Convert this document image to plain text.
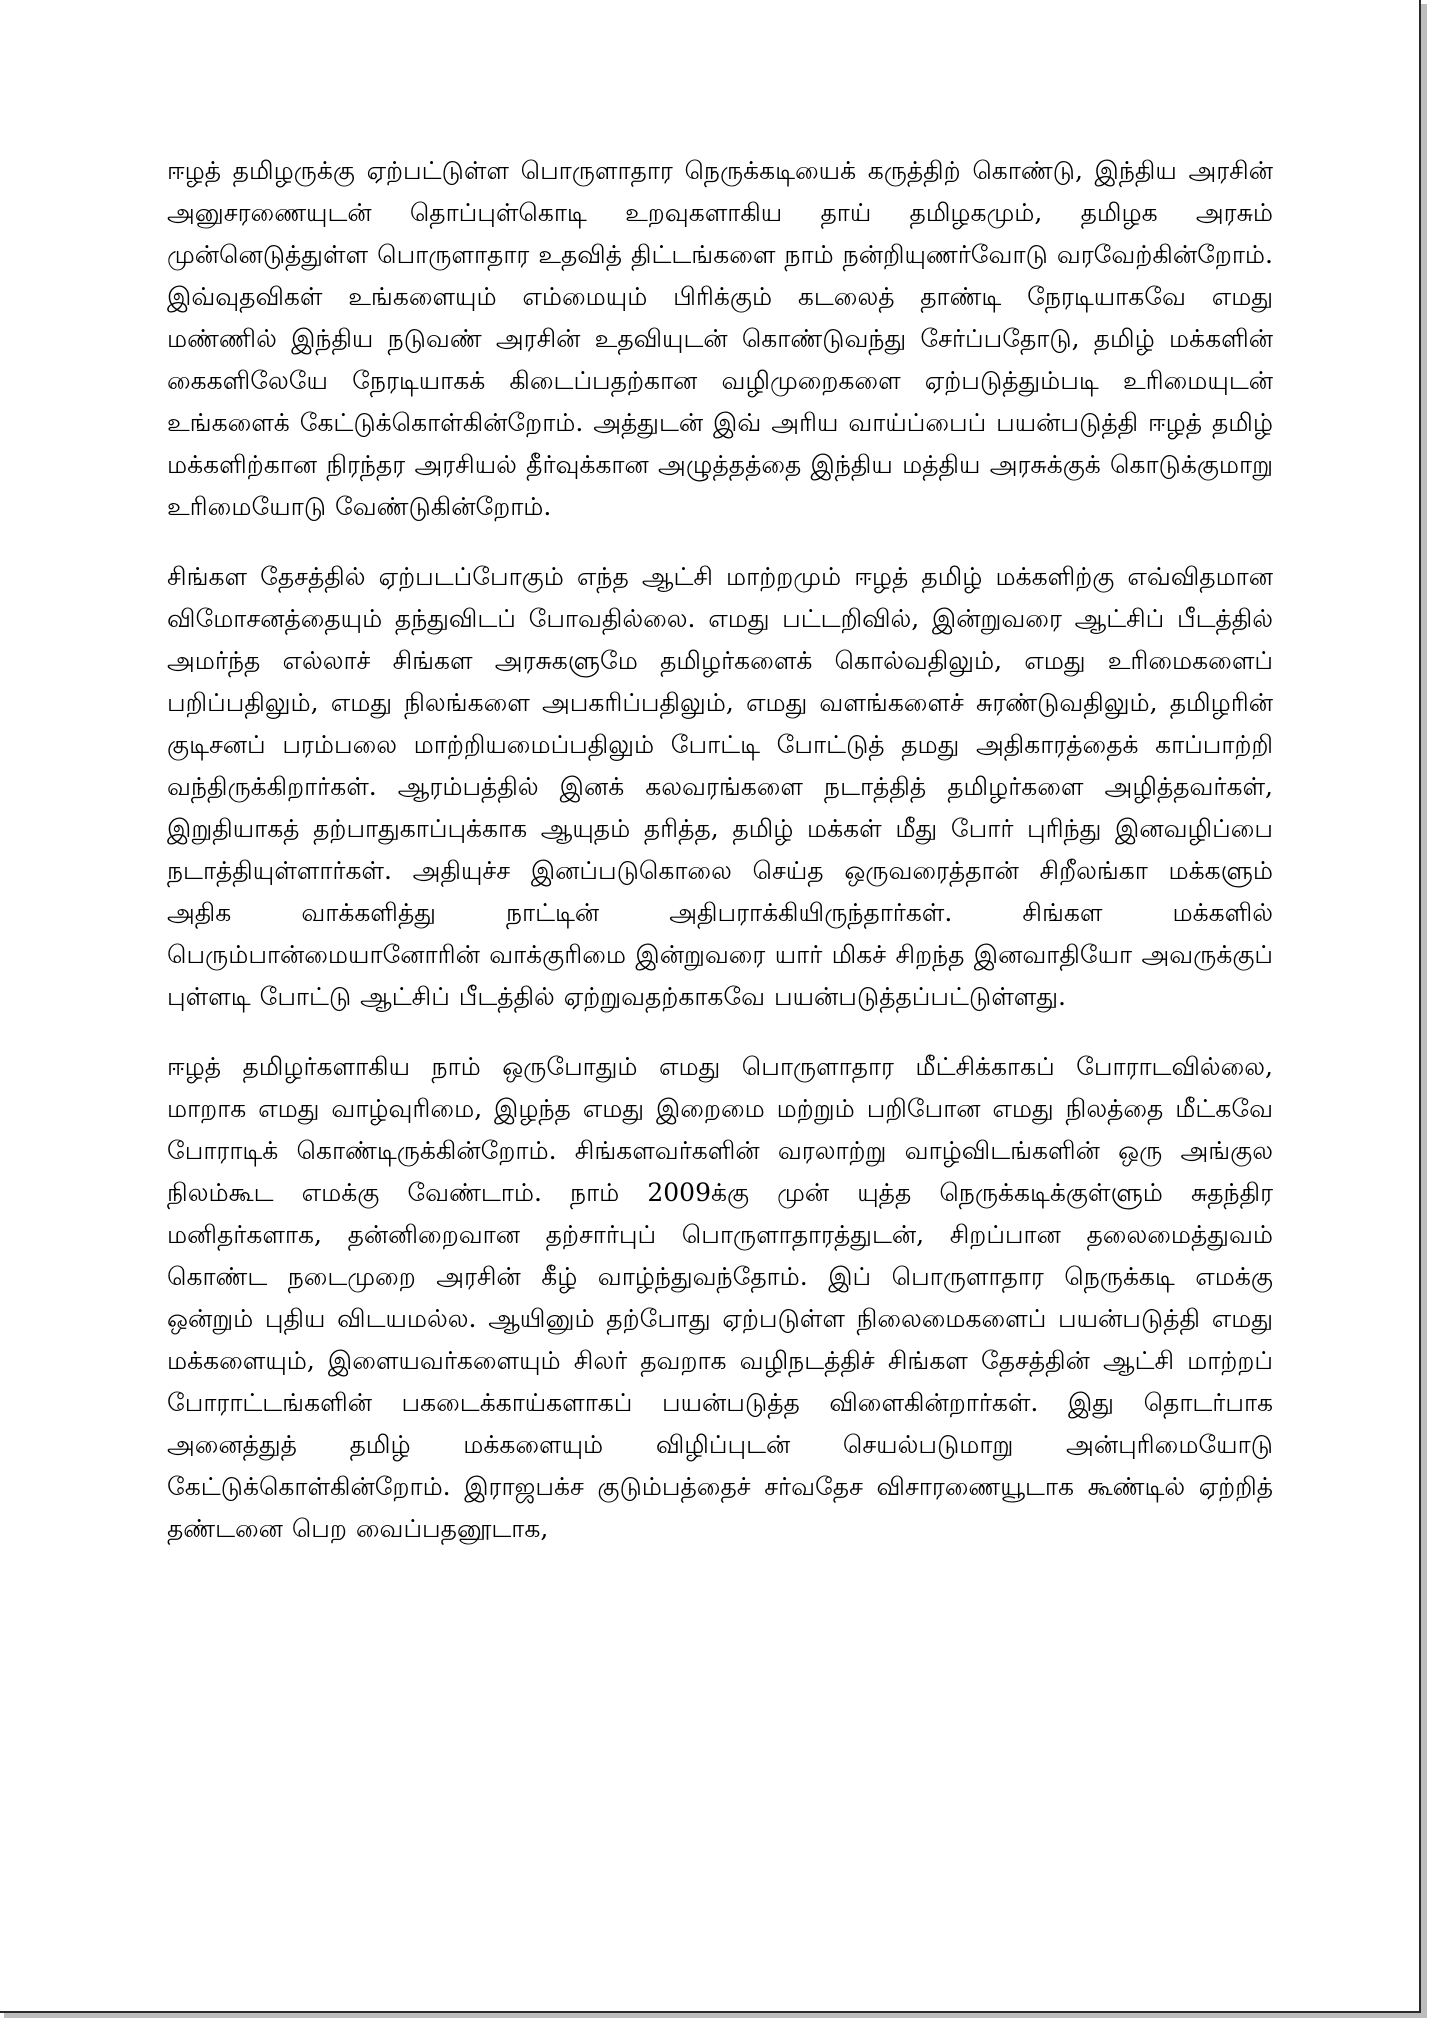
ஈழத் தமிழருக்கு ஏற்பட்டுள்ள பொருளாதார நெருக்கடியைக் கருத்திற் கொண்டு, இந்திய அரசின் அனுசரணையுடன் தொப்புள்கொடி உறவுகளாகிய தாய் தமிழகமும், தமிழக அரசும் முன்னெடுத்துள்ள பொருளாதார உதவித் திட்டங்களை நாம் நன்றியுணர்வோடு வரவேற்கின்றோம். இவ்வுதவிகள் உங்களையும் எம்மையும் பிரிக்கும் கடலைத் தாண்டி நேரடியாகவே எமது மண்ணில் இந்திய நடுவண் அரசின் உதவியுடன் கொண்டுவந்து சேர்ப்பதோடு, தமிழ் மக்களின் கைகளிலேயே நேரடியாகக் கிடைப்பதற்கான வழிமுறைகளை ஏற்படுத்தும்படி உரிமையுடன் உங்களைக் கேட்டுக்கொள்கின்றோம். அத்துடன் இவ் அரிய வாய்ப்பைப் பயன்படுத்தி ஈழத் தமிழ் மக்களிற்கான நிரந்தர அரசியல் தீர்வுக்கான அழுத்தத்தை இந்திய மத்திய அரசுக்குக் கொடுக்குமாறு உரிமையோடு வேண்டுகின்றோம்.

சிங்கள தேசத்தில் ஏற்படப்போகும் எந்த ஆட்சி மாற்றமும் ஈழத் தமிழ் மக்களிற்கு எவ்விதமான விமோசனத்தையும் தந்துவிடப் போவதில்லை. எமது பட்டறிவில், இன்றுவரை ஆட்சிப் பீடத்தில் அமர்ந்த எல்லாச் சிங்கள அரசுகளுமே தமிழர்களைக் கொல்வதிலும், எமது உரிமைகளைப் பறிப்பதிலும், எமது நிலங்களை அபகரிப்பதிலும், எமது வளங்களைச் சுரண்டுவதிலும், தமிழரின் குடிசனப் பரம்பலை மாற்றியமைப்பதிலும் போட்டி போட்டுத் தமது அதிகாரத்தைக் காப்பாற்றி வந்திருக்கிறார்கள். ஆரம்பத்தில் இனக் கலவரங்களை நடாத்தித் தமிழர்களை அழித்தவர்கள், இறுதியாகத் தற்பாதுகாப்புக்காக ஆயுதம் தரித்த, தமிழ் மக்கள் மீது போர் புரிந்து இனவழிப்பை நடாத்தியுள்ளார்கள். அதியுச்ச இனப்படுகொலை செய்த ஒருவரைத்தான் சிறீலங்கா மக்களும் அதிக வாக்களித்து நாட்டின் அதிபராக்கியிருந்தார்கள். சிங்கள மக்களில் பெரும்பான்மையானோரின் வாக்குரிமை இன்றுவரை யார் மிகச் சிறந்த இனவாதியோ அவருக்குப் புள்ளடி போட்டு ஆட்சிப் பீடத்தில் ஏற்றுவதற்காகவே பயன்படுத்தப்பட்டுள்ளது.

ஈழத் தமிழர்களாகிய நாம் ஒருபோதும் எமது பொருளாதார மீட்சிக்காகப் போராடவில்லை, மாறாக எமது வாழ்வுரிமை, இழந்த எமது இறைமை மற்றும் பறிபோன எமது நிலத்தை மீட்கவே போராடிக் கொண்டிருக்கின்றோம். சிங்களவர்களின் வரலாற்று வாழ்விடங்களின் ஒரு அங்குல நிலம்கூட எமக்கு வேண்டாம். நாம் 2009க்கு முன் யுத்த நெருக்கடிக்குள்ளும் சுதந்திர மனிதர்களாக, தன்னிறைவான தற்சார்புப் பொருளாதாரத்துடன், சிறப்பான தலைமைத்துவம் கொண்ட நடைமுறை அரசின் கீழ் வாழ்ந்துவந்தோம். இப் பொருளாதார நெருக்கடி எமக்கு ஒன்றும் புதிய விடயமல்ல. ஆயினும் தற்போது ஏற்படுள்ள நிலைமைகளைப் பயன்படுத்தி எமது மக்களையும், இளையவர்களையும் சிலர் தவறாக வழிநடத்திச் சிங்கள தேசத்தின் ஆட்சி மாற்றப் போராட்டங்களின் பகடைக்காய்களாகப் பயன்படுத்த விளைகின்றார்கள். இது தொடர்பாக அனைத்துத் தமிழ் மக்களையும் விழிப்புடன் செயல்படுமாறு அன்புரிமையோடு கேட்டுக்கொள்கின்றோம். இராஜபக்ச குடும்பத்தைச் சர்வதேச விசாரணையூடாக கூண்டில் ஏற்றித் தண்டனை பெற வைப்பதனூடாக,
